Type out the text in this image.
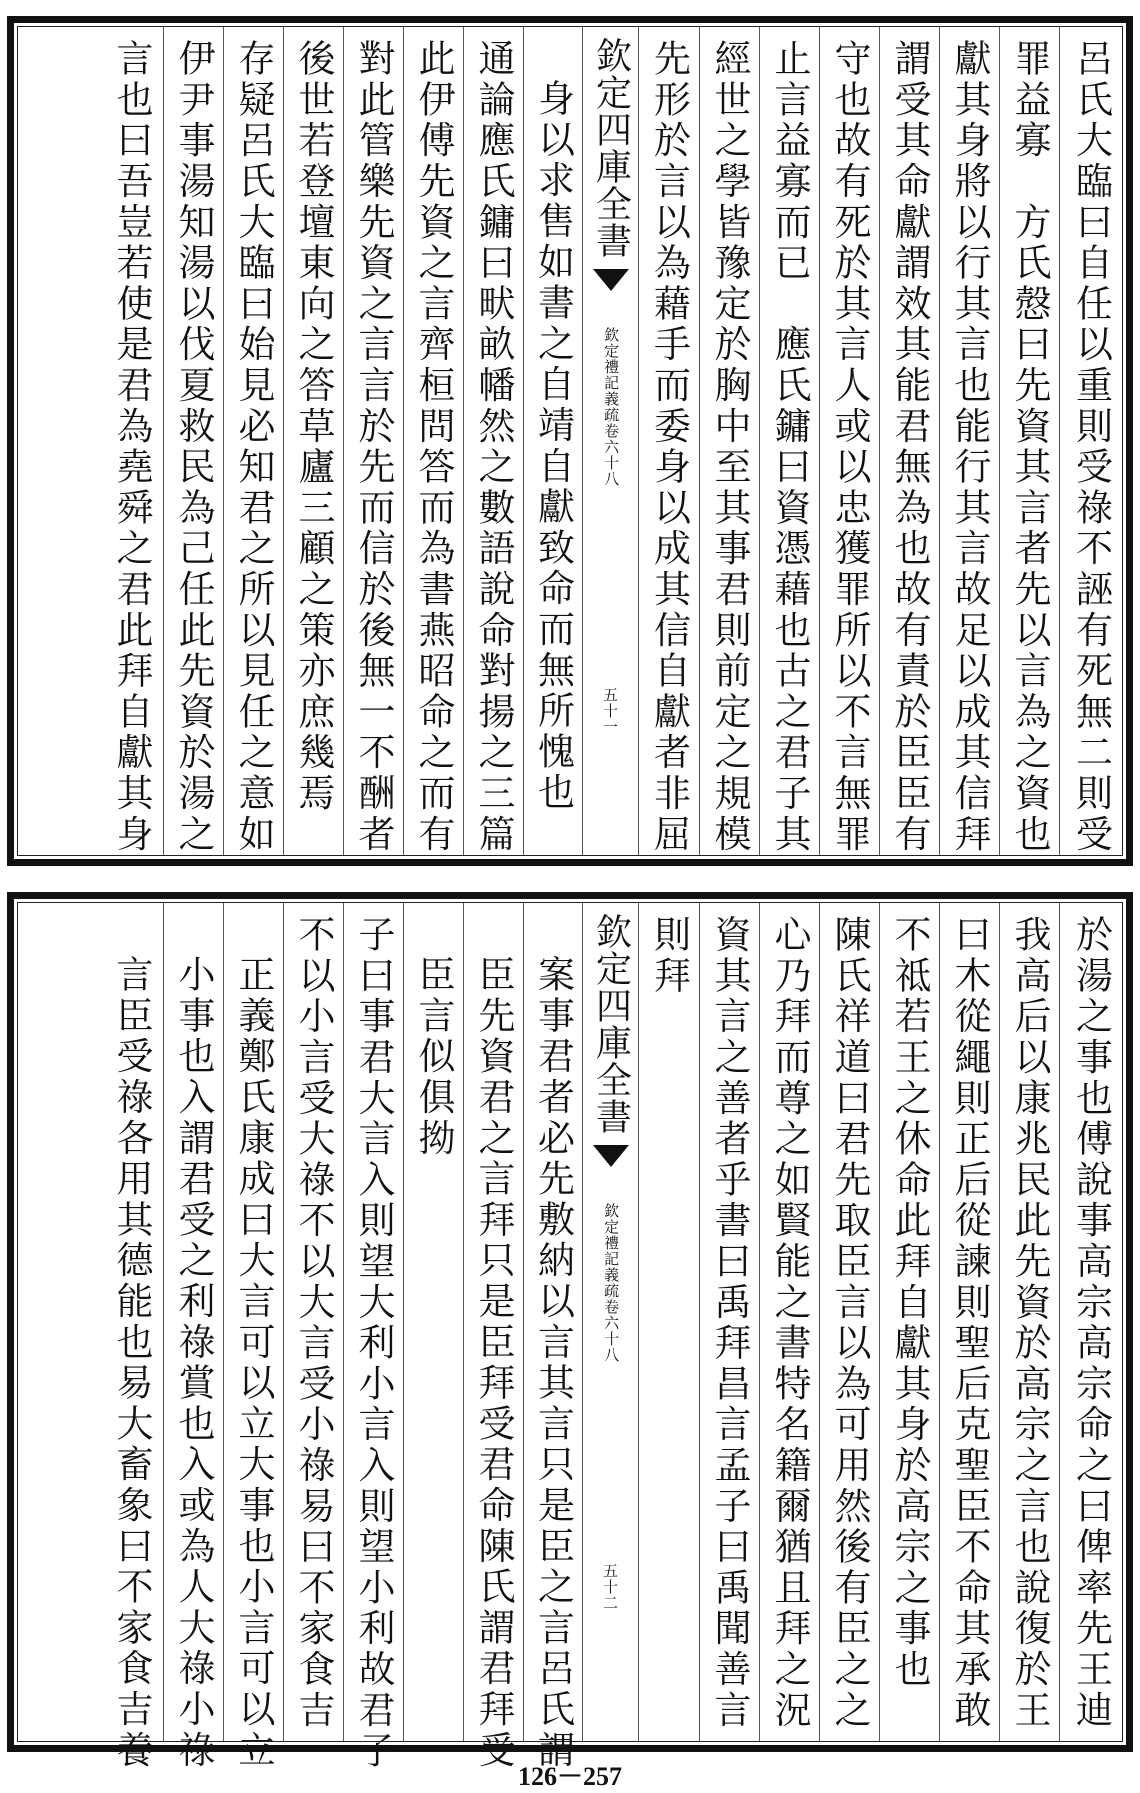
呂氏大臨曰自任以重則受祿不誣有死無二則受
罪益寡　方氏慤曰先資其言者先以言為之資也
獻其身將以行其言也能行其言故足以成其信拜
謂受其命獻謂效其能君無為也故有責於臣臣有
守也故有死於其言人或以忠獲罪所以不言無罪
止言益寡而已　應氏鏞曰資憑藉也古之君子其
經世之學皆豫定於胸中至其事君則前定之規模
先形於言以為藉手而委身以成其信自獻者非屈
欽定四庫全書
欽定禮記義疏卷六十八
五十一
身以求售如書之自靖自獻致命而無所愧也
通論應氏鏞曰畎畝幡然之數語說命對揚之三篇
此伊傅先資之言齊桓問答而為書燕昭命之而有
對此管樂先資之言言於先而信於後無一不酬者
後世若登壇東向之答草廬三顧之策亦庶幾焉
存疑呂氏大臨曰始見必知君之所以見任之意如
伊尹事湯知湯以伐夏救民為己任此先資於湯之
言也曰吾豈若使是君為堯舜之君此拜自獻其身
於湯之事也傅說事高宗高宗命之曰俾率先王迪
我高后以康兆民此先資於高宗之言也說復於王
曰木從繩則正后從諫則聖后克聖臣不命其承敢
不祗若王之休命此拜自獻其身於高宗之事也
陳氏祥道曰君先取臣言以為可用然後有臣之之
心乃拜而尊之如賢能之書特名籍爾猶且拜之況
資其言之善者乎書曰禹拜昌言孟子曰禹聞善言
則拜
欽定四庫全書
欽定禮記義疏卷六十八
五十二
案事君者必先敷納以言其言只是臣之言呂氏謂
臣先資君之言拜只是臣拜受君命陳氏謂君拜受
臣言似俱拗
子曰事君大言入則望大利小言入則望小利故君子
不以小言受大祿不以大言受小祿易曰不家食吉
正義鄭氏康成曰大言可以立大事也小言可以立
小事也入謂君受之利祿賞也入或為人大祿小祿
言臣受祿各用其德能也易大畜象曰不家食吉養
126－257
